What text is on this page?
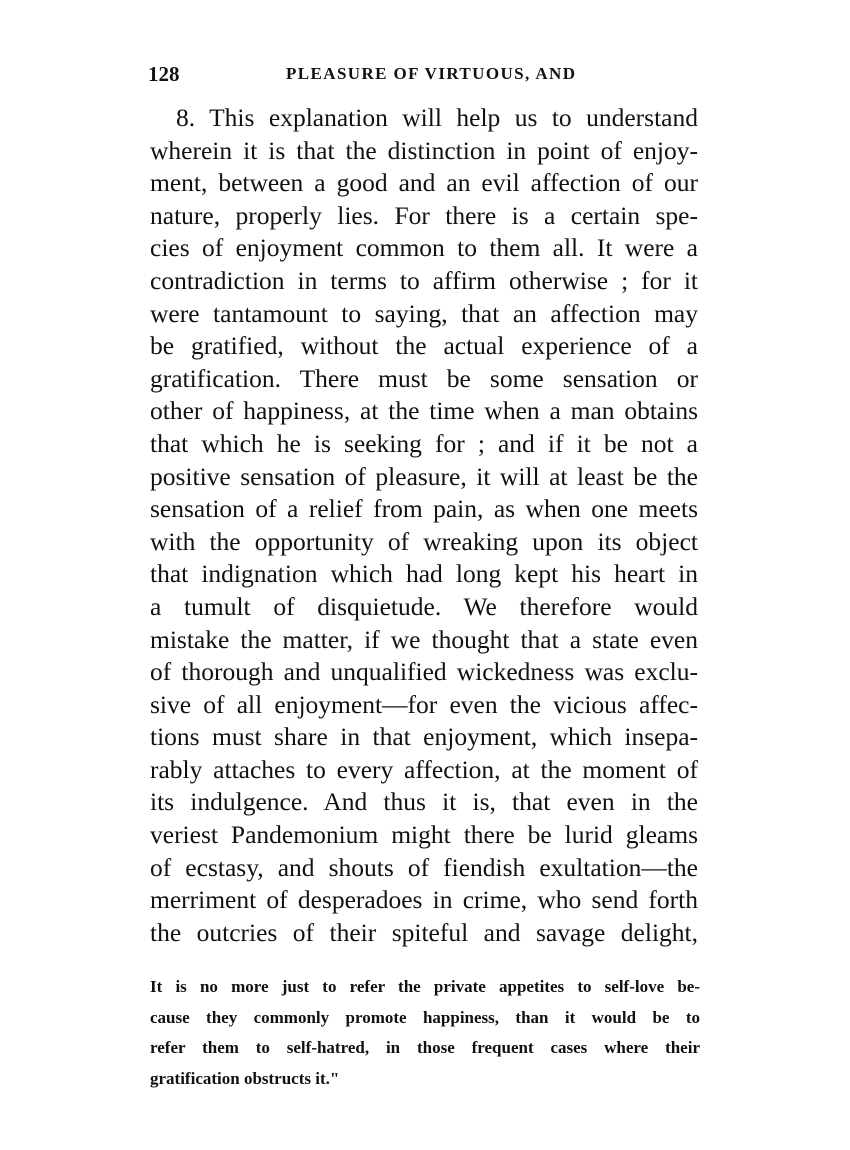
128	PLEASURE OF VIRTUOUS, AND
8. This explanation will help us to understand
wherein it is that the distinction in point of enjoy-
ment, between a good and an evil affection of our
nature, properly lies. For there is a certain spe-
cies of enjoyment common to them all. It were a
contradiction in terms to affirm otherwise ; for it
were tantamount to saying, that an affection may
be gratified, without the actual experience of a
gratification. There must be some sensation or
other of happiness, at the time when a man obtains
that which he is seeking for ; and if it be not a
positive sensation of pleasure, it will at least be the
sensation of a relief from pain, as when one meets
with the opportunity of wreaking upon its object
that indignation which had long kept his heart in
a tumult of disquietude. We therefore would
mistake the matter, if we thought that a state even
of thorough and unqualified wickedness was exclu-
sive of all enjoyment—for even the vicious affec-
tions must share in that enjoyment, which insepa-
rably attaches to every affection, at the moment of
its indulgence. And thus it is, that even in the
veriest Pandemonium might there be lurid gleams
of ecstasy, and shouts of fiendish exultation—the
merriment of desperadoes in crime, who send forth
the outcries of their spiteful and savage delight,
It is no more just to refer the private appetites to self-love be-
cause they commonly promote happiness, than it would be to
refer them to self-hatred, in those frequent cases where their
gratification obstructs it."
